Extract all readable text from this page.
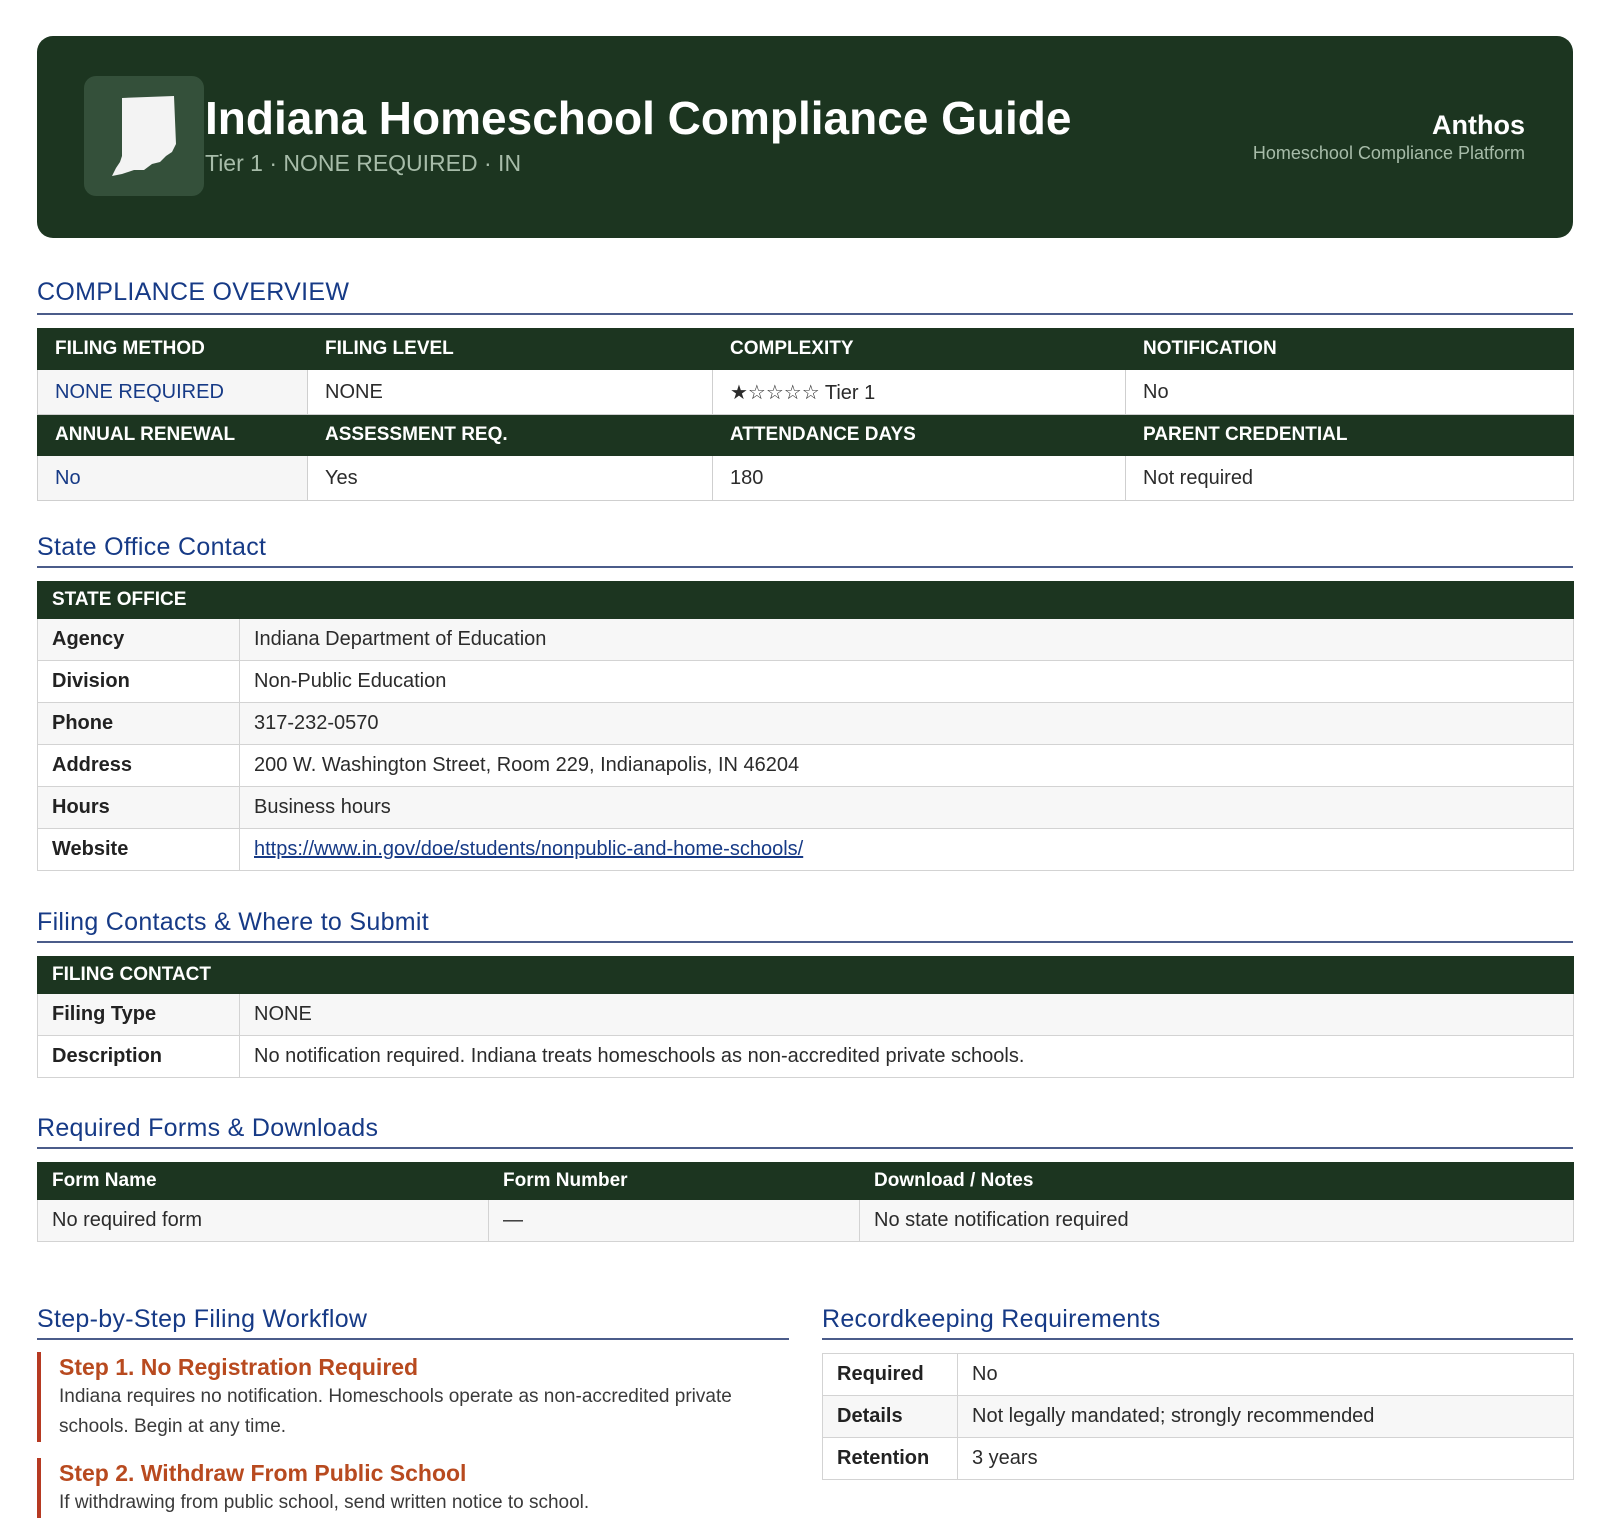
Indiana Homeschool Compliance Guide
Tier 1 · NONE REQUIRED · IN
Anthos
Homeschool Compliance Platform
COMPLIANCE OVERVIEW
FILING METHOD	FILING LEVEL	COMPLEXITY	NOTIFICATION
NONE REQUIRED	NONE	★☆☆☆☆ Tier 1	No
ANNUAL RENEWAL	ASSESSMENT REQ.	ATTENDANCE DAYS	PARENT CREDENTIAL
No	Yes	180	Not required
State Office Contact
STATE OFFICE	
Agency	Indiana Department of Education
Division	Non-Public Education
Phone	317-232-0570
Address	200 W. Washington Street, Room 229, Indianapolis, IN 46204
Hours	Business hours
Website	https://www.in.gov/doe/students/nonpublic-and-home-schools/
Filing Contacts & Where to Submit
FILING CONTACT	
Filing Type	NONE
Description	No notification required. Indiana treats homeschools as non-accredited private schools.
Required Forms & Downloads
Form Name	Form Number	Download / Notes
No required form	—	No state notification required
Step-by-Step Filing Workflow
Step 1. No Registration Required
Indiana requires no notification. Homeschools operate as non-accredited private schools. Begin at any time.
Step 2. Withdraw From Public School
If withdrawing from public school, send written notice to school.
Recordkeeping Requirements
Required	No
Details	Not legally mandated; strongly recommended
Retention	3 years
